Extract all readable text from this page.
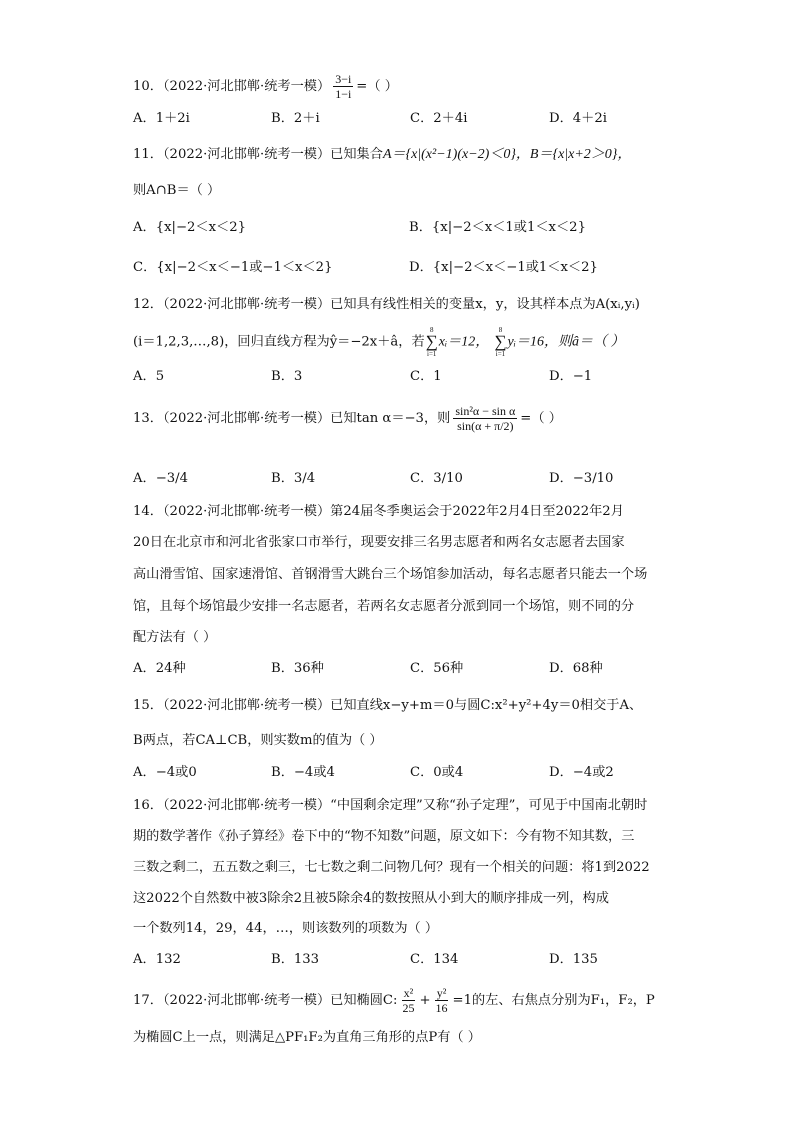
10．（2022·河北邯郸·统考一模） $\frac{3-i}{1-i}$ =（ ）
A．1＋2i	B．2＋i	C．2＋4i	D．4＋2i
11．（2022·河北邯郸·统考一模）已知集合A＝{x|(x²−1)(x−2)＜0}，B＝{x|x+2＞0}，
则A∩B＝（ ）
A．{x|−2＜x＜2}	B．{x|−2＜x＜1或1＜x＜2}
C．{x|−2＜x＜−1或−1＜x＜2}	D．{x|−2＜x＜−1或1＜x＜2}
12．（2022·河北邯郸·统考一模）已知具有线性相关的变量x，y，设其样本点为A(xᵢ,yᵢ)
(i＝1,2,3,…,8)，回归直线方程为ŷ＝−2x＋â，若
8
∑
i=1
xᵢ＝12，
8
∑
i=1
yᵢ＝16，则â＝（ ）
A．5	B．3	C．1	D．−1
13．（2022·河北邯郸·统考一模）已知tan α＝−3，则 $\frac{\text{sin²α − sin α}}{\sin(\alpha + \pi/2)}$ =（ ）
A．−3/4	B．3/4	C．3/10	D．−3/10
14．（2022·河北邯郸·统考一模）第24届冬季奥运会于2022年2月4日至2022年2月
20日在北京市和河北省张家口市举行，现要安排三名男志愿者和两名女志愿者去国家
高山滑雪馆、国家速滑馆、首钢滑雪大跳台三个场馆参加活动，每名志愿者只能去一个场
馆，且每个场馆最少安排一名志愿者，若两名女志愿者分派到同一个场馆，则不同的分
配方法有（ ）
A．24种	B．36种	C．56种	D．68种
15．（2022·河北邯郸·统考一模）已知直线x−y+m＝0与圆C:x²+y²+4y＝0相交于A、
B两点，若CA⊥CB，则实数m的值为（ ）
A．−4或0	B．−4或4	C．0或4	D．−4或2
16．（2022·河北邯郸·统考一模）“中国剩余定理”又称“孙子定理”，可见于中国南北朝时
期的数学著作《孙子算经》卷下中的“物不知数”问题，原文如下：今有物不知其数，三
三数之剩二，五五数之剩三，七七数之剩二问物几何？现有一个相关的问题：将1到2022
这2022个自然数中被3除余2且被5除余4的数按照从小到大的顺序排成一列，构成
一个数列14，29，44，…，则该数列的项数为（ ）
A．132	B．133	C．134	D．135
17．（2022·河北邯郸·统考一模）已知椭圆C: $\frac{\text{x²}}{25} + \frac{\text{y²}}{16} =1$的左、右焦点分别为F₁，F₂，P
为椭圆C上一点，则满足△PF₁F₂为直角三角形的点P有（ ）
